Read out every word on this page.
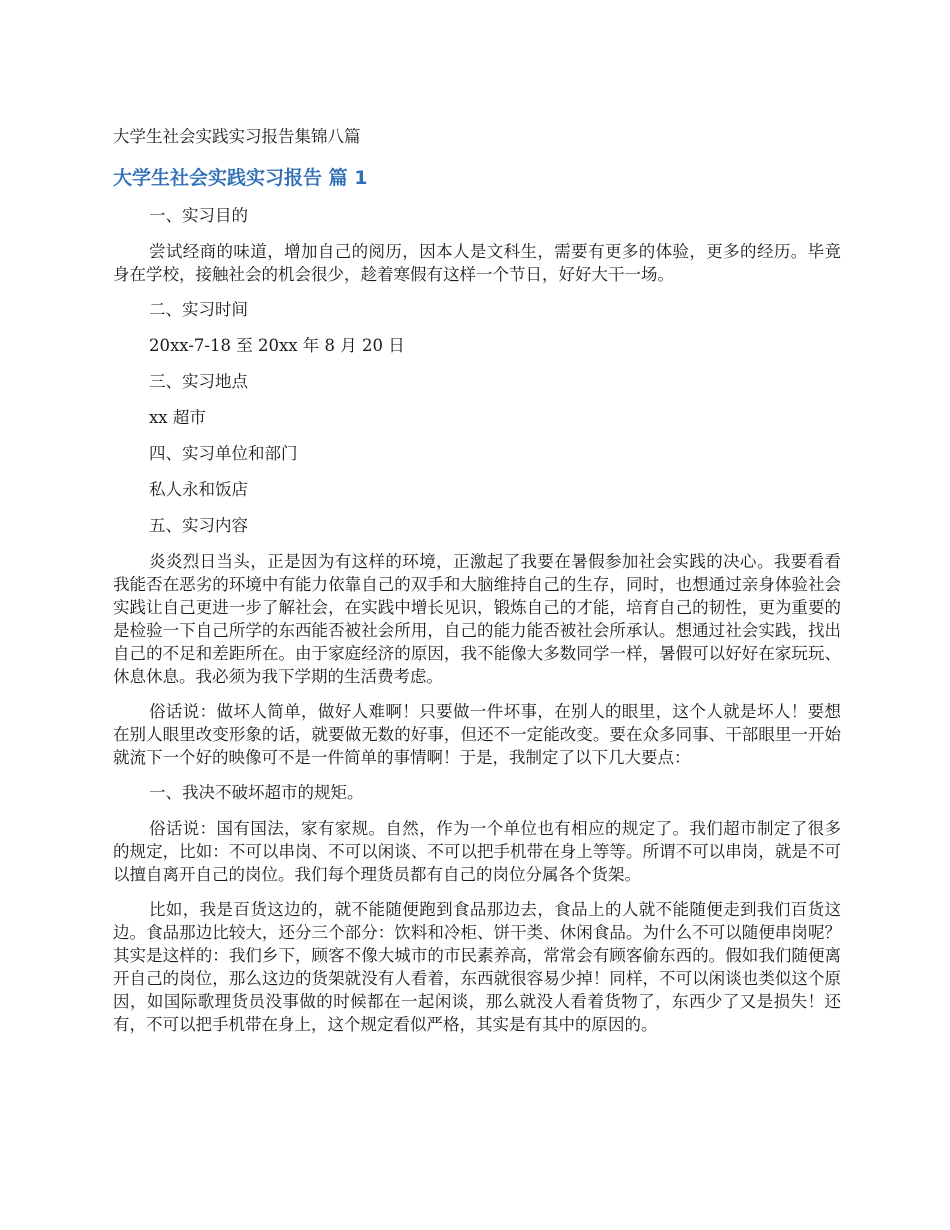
大学生社会实践实习报告集锦八篇
大学生社会实践实习报告 篇 1

一、实习目的

尝试经商的味道，增加自己的阅历，因本人是文科生，需要有更多的体验，更多的经历。毕竟身在学校，接触社会的机会很少，趁着寒假有这样一个节日，好好大干一场。

二、实习时间

20xx-7-18 至 20xx 年 8 月 20 日

三、实习地点

xx 超市

四、实习单位和部门

私人永和饭店

五、实习内容

炎炎烈日当头，正是因为有这样的环境，正激起了我要在暑假参加社会实践的决心。我要看看我能否在恶劣的环境中有能力依靠自己的双手和大脑维持自己的生存，同时，也想通过亲身体验社会实践让自己更进一步了解社会，在实践中增长见识，锻炼自己的才能，培育自己的韧性，更为重要的是检验一下自己所学的东西能否被社会所用，自己的能力能否被社会所承认。想通过社会实践，找出自己的不足和差距所在。由于家庭经济的原因，我不能像大多数同学一样，暑假可以好好在家玩玩、休息休息。我必须为我下学期的生活费考虑。

俗话说：做坏人简单，做好人难啊！只要做一件坏事，在别人的眼里，这个人就是坏人！要想在别人眼里改变形象的话，就要做无数的好事，但还不一定能改变。要在众多同事、干部眼里一开始就流下一个好的映像可不是一件简单的事情啊！于是，我制定了以下几大要点：

一、我决不破坏超市的规矩。

俗话说：国有国法，家有家规。自然，作为一个单位也有相应的规定了。我们超市制定了很多的规定，比如：不可以串岗、不可以闲谈、不可以把手机带在身上等等。所谓不可以串岗，就是不可以擅自离开自己的岗位。我们每个理货员都有自己的岗位分属各个货架。

比如，我是百货这边的，就不能随便跑到食品那边去，食品上的人就不能随便走到我们百货这边。食品那边比较大，还分三个部分：饮料和冷柜、饼干类、休闲食品。为什么不可以随便串岗呢？其实是这样的：我们乡下，顾客不像大城市的市民素养高，常常会有顾客偷东西的。假如我们随便离开自己的岗位，那么这边的货架就没有人看着，东西就很容易少掉！同样，不可以闲谈也类似这个原因，如国际歌理货员没事做的时候都在一起闲谈，那么就没人看着货物了，东西少了又是损失！还有，不可以把手机带在身上，这个规定看似严格，其实是有其中的原因的。
